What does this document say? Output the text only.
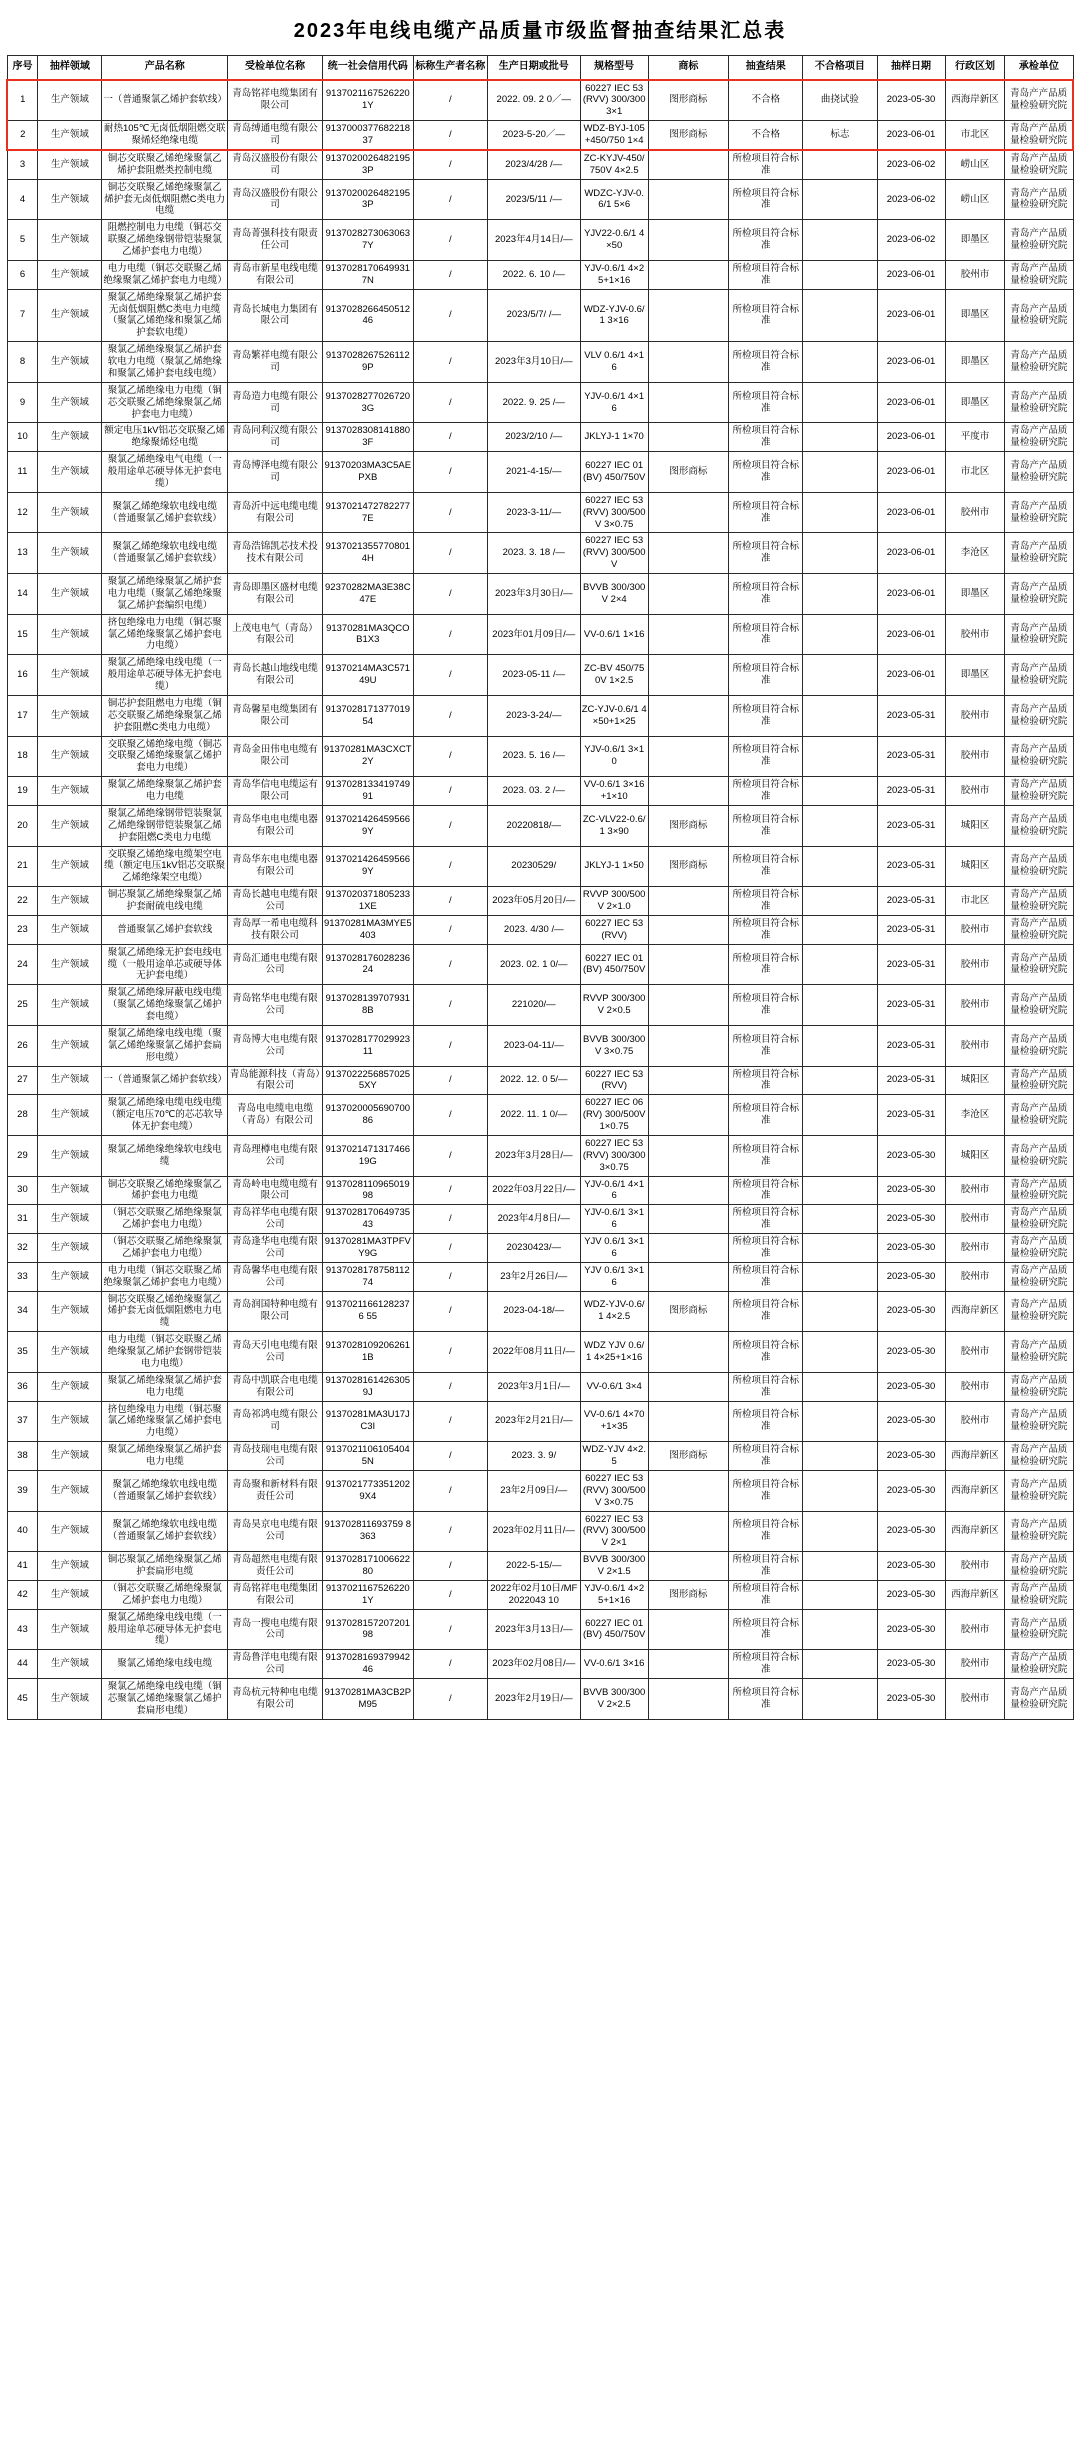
2023年电线电缆产品质量市级监督抽查结果汇总表
序号	抽样领域	产品名称	受检单位名称	统一社会信用代码	标称生产者名称	生产日期或批号	规格型号	商标	抽查结果	不合格项目	抽样日期	行政区划	承检单位
1	生产领域	一（普通聚氯乙烯护套软线）	青岛铭祥电缆集团有限公司	91370211675262201Y	/	2022. 09. 2 0／—	60227 IEC 53 (RVV) 300/300 3×1	图形商标	不合格	曲挠试验	2023-05-30	西海岸新区	青岛产产品质量检验研究院
2	生产领域	耐热105℃无卤低烟阻燃交联聚烯烃绝缘电缆	青岛缚通电缆有限公司	913700037768221837	/	2023-5-20／—	WDZ-BYJ-105+450/750 1×4	图形商标	不合格	标志	2023-06-01	市北区	青岛产产品质量检验研究院
3	生产领域	铜芯交联聚乙烯绝缘聚氯乙烯护套阻燃类控制电缆	青岛汉盛股份有限公司	91370200264821953P	/	2023/4/28 /—	ZC-KYJV-450/750V 4×2.5		所检项目符合标准		2023-06-02	崂山区	青岛产产品质量检验研究院
4	生产领域	铜芯交联聚乙烯绝缘聚氯乙烯护套无卤低烟阻燃C类电力电缆	青岛汉盛股份有限公司	91370200264821953P	/	2023/5/11 /—	WDZC-YJV-0.6/1 5×6		所检项目符合标准		2023-06-02	崂山区	青岛产产品质量检验研究院
5	生产领域	阻燃控制电力电缆（铜芯交联聚乙烯绝缘钢带铠装聚氯乙烯护套电力电缆）	青岛菁强科技有限责任公司	91370282730630637Y	/	2023年4月14日/—	YJV22-0.6/1 4×50		所检项目符合标准		2023-06-02	即墨区	青岛产产品质量检验研究院
6	生产领域	电力电缆（铜芯交联聚乙烯绝缘聚氯乙烯护套电力电缆）	青岛市新星电线电缆有限公司	91370281706499317N	/	2022. 6. 10 /—	YJV-0.6/1 4×25+1×16		所检项目符合标准		2023-06-01	胶州市	青岛产产品质量检验研究院
7	生产领域	聚氯乙烯绝缘聚氯乙烯护套无卤低烟阻燃C类电力电缆（聚氯乙烯绝缘和聚氯乙烯护套软电缆）	青岛长城电力集团有限公司	913702826645051246	/	2023/5/7/ /—	WDZ-YJV-0.6/1 3×16		所检项目符合标准		2023-06-01	即墨区	青岛产产品质量检验研究院
8	生产领域	聚氯乙烯绝缘聚氯乙烯护套软电力电缆（聚氯乙烯绝缘和聚氯乙烯护套电线电缆）	青岛繁祥电缆有限公司	91370282675261129P	/	2023年3月10日/—	VLV 0.6/1 4×16		所检项目符合标准		2023-06-01	即墨区	青岛产产品质量检验研究院
9	生产领域	聚氯乙烯绝缘电力电缆（铜芯交联聚乙烯绝缘聚氯乙烯护套电力电缆）	青岛造力电缆有限公司	91370282770267203G	/	2022. 9. 25 /—	YJV-0.6/1 4×16		所检项目符合标准		2023-06-01	即墨区	青岛产产品质量检验研究院
10	生产领域	额定电压1kV铝芯交联聚乙烯绝缘聚烯烃电缆	青岛同利汉缆有限公司	91370283081418803F	/	2023/2/10 /—	JKLYJ-1 1×70		所检项目符合标准		2023-06-01	平度市	青岛产产品质量检验研究院
11	生产领域	聚氯乙烯绝缘电气电缆（一般用途单芯硬导体无护套电缆）	青岛博泽电缆有限公司	91370203MA3C5AEPXB	/	2021-4-15/—	60227 IEC 01 (BV) 450/750V	图形商标	所检项目符合标准		2023-06-01	市北区	青岛产产品质量检验研究院
12	生产领域	聚氯乙烯绝缘软电线电缆（普通聚氯乙烯护套软线）	青岛沂中远电缆电缆有限公司	91370214727822777E	/	2023-3-11/—	60227 IEC 53 (RVV) 300/500V 3×0.75		所检项目符合标准		2023-06-01	胶州市	青岛产产品质量检验研究院
13	生产领域	聚氯乙烯绝缘软电线电缆（普通聚氯乙烯护套软线）	青岛浩锦凯芯技术投技术有限公司	91370213557708014H	/	2023. 3. 18 /—	60227 IEC 53 (RVV) 300/500V		所检项目符合标准		2023-06-01	李沧区	青岛产产品质量检验研究院
14	生产领域	聚氯乙烯绝缘聚氯乙烯护套电力电缆（聚氯乙烯绝缘聚氯乙烯护套编织电缆）	青岛即墨区盛材电缆有限公司	92370282MA3E38C47E	/	2023年3月30日/—	BVVB 300/300V 2×4		所检项目符合标准		2023-06-01	即墨区	青岛产产品质量检验研究院
15	生产领域	挤包绝缘电力电缆（铜芯聚氯乙烯绝缘聚氯乙烯护套电力电缆）	上茂电电气（青岛）有限公司	91370281MA3QCOB1X3	/	2023年01月09日/—	VV-0.6/1 1×16		所检项目符合标准		2023-06-01	胶州市	青岛产产品质量检验研究院
16	生产领域	聚氯乙烯绝缘电线电缆（一般用途单芯硬导体无护套电缆）	青岛长越山地线电缆有限公司	91370214MA3C57149U	/	2023-05-11 /—	ZC-BV 450/750V 1×2.5		所检项目符合标准		2023-06-01	即墨区	青岛产产品质量检验研究院
17	生产领域	铜芯护套阻燃电力电缆（铜芯交联聚乙烯绝缘聚氯乙烯护套阻燃C类电力电缆）	青岛馨星电缆集团有限公司	913702817137701954	/	2023-3-24/—	ZC-YJV-0.6/1 4×50+1×25		所检项目符合标准		2023-05-31	胶州市	青岛产产品质量检验研究院
18	生产领域	交联聚乙烯绝缘电缆（铜芯交联聚乙烯绝缘聚氯乙烯护套电力电缆）	青岛金田伟电电缆有限公司	91370281MA3CXCT2Y	/	2023. 5. 16 /—	YJV-0.6/1 3×10		所检项目符合标准		2023-05-31	胶州市	青岛产产品质量检验研究院
19	生产领域	聚氯乙烯绝缘聚氯乙烯护套电力电缆	青岛华信电电缆运有限公司	913702813341974991	/	2023. 03. 2 /—	VV-0.6/1 3×16+1×10		所检项目符合标准		2023-05-31	胶州市	青岛产产品质量检验研究院
20	生产领域	聚氯乙烯绝缘钢带铠装聚氯乙烯绝缘钢带铠装聚氯乙烯护套阻燃C类电力电缆	青岛华电电电缆电器有限公司	91370214264595669Y	/	20220818/—	ZC-VLV22-0.6/1 3×90	图形商标	所检项目符合标准		2023-05-31	城阳区	青岛产产品质量检验研究院
21	生产领域	交联聚乙烯绝缘电缆架空电缆（额定电压1kV铝芯交联聚乙烯绝缘架空电缆）	青岛华东电电缆电器有限公司	91370214264595669Y	/	20230529/	JKLYJ-1 1×50	图形商标	所检项目符合标准		2023-05-31	城阳区	青岛产产品质量检验研究院
22	生产领域	铜芯聚氯乙烯绝缘聚氯乙烯护套耐硫电线电缆	青岛长越电电缆有限公司	91370203718052331XE	/	2023年05月20日/—	RVVP 300/500V 2×1.0		所检项目符合标准		2023-05-31	市北区	青岛产产品质量检验研究院
23	生产领域	普通聚氯乙烯护套软线	青岛厚一希电电缆科技有限公司	91370281MA3MYE5403	/	2023. 4/30 /—	60227 IEC 53 (RVV)		所检项目符合标准		2023-05-31	胶州市	青岛产产品质量检验研究院
24	生产领域	聚氯乙烯绝缘无护套电线电缆（一般用途单芯或硬导体无护套电缆）	青岛汇通电电缆有限公司	913702817602823624	/	2023. 02. 1 0/—	60227 IEC 01 (BV) 450/750V		所检项目符合标准		2023-05-31	胶州市	青岛产产品质量检验研究院
25	生产领域	聚氯乙烯绝缘屏蔽电线电缆（聚氯乙烯绝缘聚氯乙烯护套电缆）	青岛铭华电电缆有限公司	91370281397079318B	/	221020/—	RVVP 300/300V 2×0.5		所检项目符合标准		2023-05-31	胶州市	青岛产产品质量检验研究院
26	生产领域	聚氯乙烯绝缘电线电缆（聚氯乙烯绝缘聚氯乙烯护套扁形电缆）	青岛博大电电缆有限公司	913702817702992311	/	2023-04-11/—	BVVB 300/300V 3×0.75		所检项目符合标准		2023-05-31	胶州市	青岛产产品质量检验研究院
27	生产领域	一（普通聚氯乙烯护套软线）	青岛能源科技（青岛）有限公司	91370222568570255XY	/	2022. 12. 0 5/—	60227 IEC 53 (RVV)		所检项目符合标准		2023-05-31	城阳区	青岛产产品质量检验研究院
28	生产领域	聚氯乙烯绝缘电缆电线电缆（额定电压70℃的芯芯软导体无护套电缆）	青岛电电缆电电缆（青岛）有限公司	913702000569070086	/	2022. 11. 1 0/—	60227 IEC 06 (RV) 300/500V 1×0.75		所检项目符合标准		2023-05-31	李沧区	青岛产产品质量检验研究院
29	生产领域	聚氯乙烯绝缘绝缘软电线电缆	青岛理樽电电缆有限公司	913702147131746619G	/	2023年3月28日/—	60227 IEC 53 (RVV) 300/300 3×0.75		所检项目符合标准		2023-05-30	城阳区	青岛产产品质量检验研究院
30	生产领域	铜芯交联聚乙烯绝缘聚氯乙烯护套电力电缆	青岛岭电电缆电缆有限公司	913702811096501998	/	2022年03月22日/—	YJV-0.6/1 4×16		所检项目符合标准		2023-05-30	胶州市	青岛产产品质量检验研究院
31	生产领域	（铜芯交联聚乙烯绝缘聚氯乙烯护套电力电缆）	青岛祥华电电缆有限公司	913702817064973543	/	2023年4月8日/—	YJV-0.6/1 3×16		所检项目符合标准		2023-05-30	胶州市	青岛产产品质量检验研究院
32	生产领域	（铜芯交联聚乙烯绝缘聚氯乙烯护套电力电缆）	青岛逢华电电缆有限公司	91370281MA3TPFVY9G	/	20230423/—	YJV 0.6/1 3×16		所检项目符合标准		2023-05-30	胶州市	青岛产产品质量检验研究院
33	生产领域	电力电缆（铜芯交联聚乙烯绝缘聚氯乙烯护套电力电缆）	青岛馨华电电缆有限公司	913702817875811274	/	23年2月26日/—	YJV 0.6/1 3×16		所检项目符合标准		2023-05-30	胶州市	青岛产产品质量检验研究院
34	生产领域	铜芯交联聚乙烯绝缘聚氯乙烯护套无卤低烟阻燃电力电缆	青岛润国特种电缆有限公司	91370211661282376 55	/	2023-04-18/—	WDZ-YJV-0.6/1 4×2.5	图形商标	所检项目符合标准		2023-05-30	西海岸新区	青岛产产品质量检验研究院
35	生产领域	电力电缆（铜芯交联聚乙烯绝缘聚氯乙烯护套钢带铠装电力电缆）	青岛天引电电缆有限公司	91370281092062611B	/	2022年08月11日/—	WDZ YJV 0.6/1 4×25+1×16		所检项目符合标准		2023-05-30	胶州市	青岛产产品质量检验研究院
36	生产领域	聚氯乙烯绝缘聚氯乙烯护套电力电缆	青岛中凯联合电电缆有限公司	91370281614263059J	/	2023年3月1日/—	VV-0.6/1 3×4		所检项目符合标准		2023-05-30	胶州市	青岛产产品质量检验研究院
37	生产领域	挤包绝缘电力电缆（铜芯聚氯乙烯绝缘聚氯乙烯护套电力电缆）	青岛祁鸿电缆有限公司	91370281MA3U17JC3I	/	2023年2月21日/—	VV-0.6/1 4×70+1×35		所检项目符合标准		2023-05-30	胶州市	青岛产产品质量检验研究院
38	生产领域	聚氯乙烯绝缘聚氯乙烯护套电力电缆	青岛技瑞电电缆有限公司	91370211061054045N	/	2023. 3. 9/	WDZ-YJV 4×2.5	图形商标	所检项目符合标准		2023-05-30	西海岸新区	青岛产产品质量检验研究院
39	生产领域	聚氯乙烯绝缘软电线电缆（普通聚氯乙烯护套软线）	青岛聚和新材料有限责任公司	91370217733512029X4	/	23年2月09日/—	60227 IEC 53 (RVV) 300/500V 3×0.75		所检项目符合标准		2023-05-30	西海岸新区	青岛产产品质量检验研究院
40	生产领域	聚氯乙烯绝缘软电线电缆（普通聚氯乙烯护套软线）	青岛昊京电电缆有限公司	913702811693759 8363	/	2023年02月11日/—	60227 IEC 53 (RVV) 300/500V 2×1		所检项目符合标准		2023-05-30	西海岸新区	青岛产产品质量检验研究院
41	生产领域	铜芯聚氯乙烯绝缘聚氯乙烯护套扁形电缆	青岛超然电电缆有限责任公司	913702817100662280	/	2022-5-15/—	BVVB 300/300V 2×1.5		所检项目符合标准		2023-05-30	胶州市	青岛产产品质量检验研究院
42	生产领域	（铜芯交联聚乙烯绝缘聚氯乙烯护套电力电缆）	青岛铭祥电电缆集团有限公司	91370211675262201Y	/	2022年02月10日/MF2022043 10	YJV-0.6/1 4×25+1×16	图形商标	所检项目符合标准		2023-05-30	西海岸新区	青岛产产品质量检验研究院
43	生产领域	聚氯乙烯绝缘电线电缆（一般用途单芯硬导体无护套电缆）	青岛一搜电电缆有限公司	913702815720720198	/	2023年3月13日/—	60227 IEC 01 (BV) 450/750V		所检项目符合标准		2023-05-30	胶州市	青岛产产品质量检验研究院
44	生产领域	聚氯乙烯绝缘电线电缆	青岛鲁洋电电缆有限公司	913702816937994246	/	2023年02月08日/—	VV-0.6/1 3×16		所检项目符合标准		2023-05-30	胶州市	青岛产产品质量检验研究院
45	生产领域	聚氯乙烯绝缘电线电缆（铜芯聚氯乙烯绝缘聚氯乙烯护套扁形电缆）	青岛杭元特种电电缆有限公司	91370281MA3CB2PM95	/	2023年2月19日/—	BVVB 300/300V 2×2.5		所检项目符合标准		2023-05-30	胶州市	青岛产产品质量检验研究院
